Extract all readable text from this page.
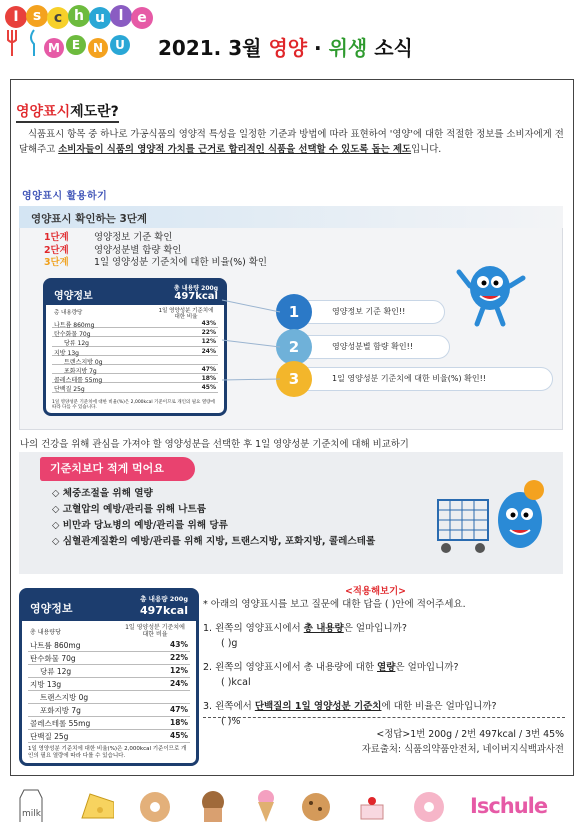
I	s c h u l e
M E	N	U 2021. 3월 영양 · 위생 소식
영양표시제도란?
식품표시 항목 중 하나로 가공식품의 영양적 특성을 일정한 기준과 방법에 따라 표현하여 '영양'에 대한 적절한 정보를 소비자에게 전달해주고 소비자들이 식품의 영양적 가치를 근거로 합리적인 식품을 선택할 수 있도록 돕는 제도입니다.
영양표시 활용하기
영양표시 확인하는 3단계
1단계	영양정보 기준 확인
2단계	영양성분별 함량 확인
3단계	1일 영양성분 기준치에 대한 비율(%) 확인
영양정보
총 내용량 200g
497kcal
총 내용량당	1일 영양성분 기준치에 대한 비율
나트륨 860mg	43%
탄수화물 70g	22%
당류 12g	12%
지방 13g	24%
트랜스지방 0g
포화지방 7g	47%
콜레스테롤 55mg	18%
단백질 25g	45%
1일 영양성분 기준치에 대한 비율(%)은 2,000kcal 기준이므로 개인의 필요 열량에 따라 다를 수 있습니다.
1	영양정보 기준 확인!!
2	영양성분별 함량 확인!!
3	1일 영양성분 기준치에 대한 비율(%) 확인!!
나의 건강을 위해 관심을 가져야 할 영양성분을 선택한 후 1일 영양성분 기준치에 대해 비교하기
기준치보다 적게 먹어요
◇ 체중조절을 위해 열량
◇ 고혈압의 예방/관리를 위해 나트륨
◇ 비만과 당뇨병의 예방/관리를 위해 당류
◇ 심혈관계질환의 예방/관리를 위해 지방, 트랜스지방, 포화지방, 콜레스테롤
영양정보
총 내용량 200g
497kcal
총 내용량당
1일 영양성분 기준치에 대한 비율
나트륨 860mg	43%
탄수화물 70g	22%
당류 12g	12%
지방 13g	24%
트랜스지방 0g
포화지방 7g	47%
콜레스테롤 55mg	18%
단백질 25g	45%
1일 영양성분 기준치에 대한 비율(%)은 2,000kcal 기준이므로 개인의 필요 열량에 따라 다를 수 있습니다.
<적용해보기>
* 아래의 영양표시를 보고 질문에 대한 답을 ( )안에 적어주세요.
1. 왼쪽의 영양표시에서 총 내용량은 얼마입니까?
( )g
2. 왼쪽의 영양표시에서 총 내용량에 대한 열량은 얼마입니까?
( )kcal
3. 왼쪽에서 단백질의 1일 영양성분 기준치에 대한 비율은 얼마입니까?
( )%
<정답>1번 200g / 2번 497kcal / 3번 45%
자료출처: 식품의약품안전처, 네이버지식백과사전
milk	Ischule
